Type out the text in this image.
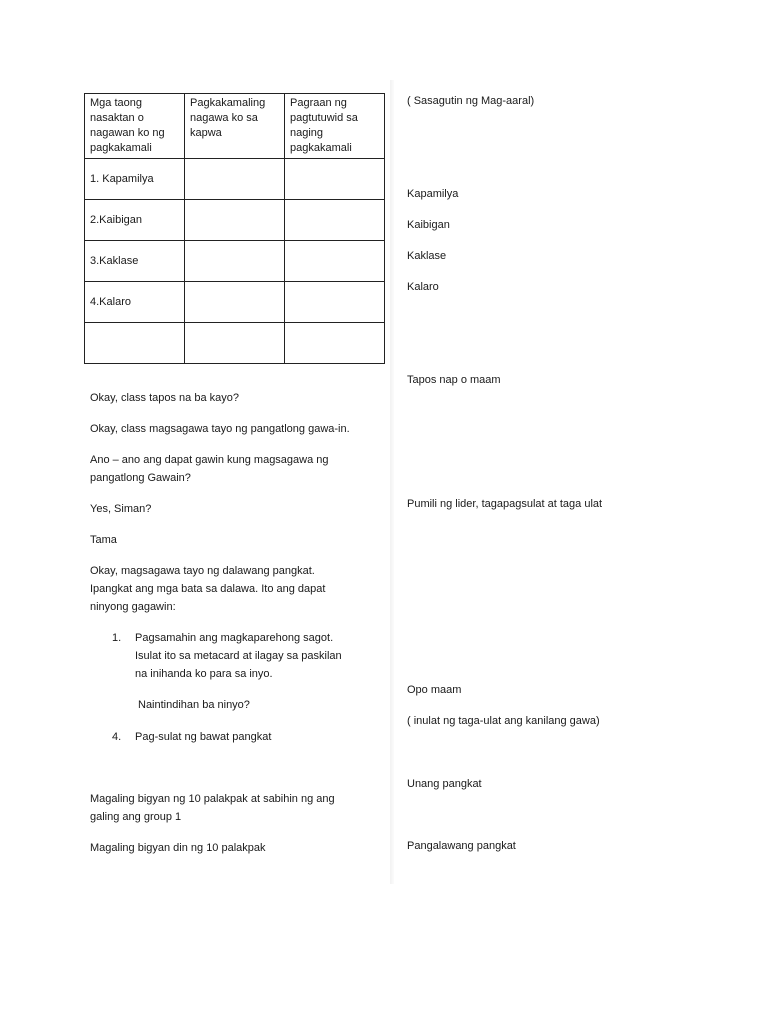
Mga taong nasaktan o nagawan ko ng pagkakamali	Pagkakamaling nagawa ko sa kapwa	Pagraan ng pagtutuwid sa naging pagkakamali
1. Kapamilya		
2.Kaibigan		
3.Kaklase		
4.Kalaro		

Okay, class tapos na ba kayo?
Okay, class magsagawa tayo ng pangatlong gawa-in.
Ano – ano ang dapat gawin kung magsagawa ng
pangatlong Gawain?
Yes, Siman?
Tama
Okay, magsagawa tayo ng dalawang pangkat.
Ipangkat ang mga bata sa dalawa. Ito ang dapat
ninyong gagawin:
1. Pagsamahin ang magkaparehong sagot.
Isulat ito sa metacard at ilagay sa paskilan
na inihanda ko para sa inyo.
Naintindihan ba ninyo?
4. Pag-sulat ng bawat pangkat
Magaling bigyan ng 10 palakpak at sabihin ng ang
galing ang group 1
Magaling bigyan din ng 10 palakpak
( Sasagutin ng Mag-aaral)
Kapamilya
Kaibigan
Kaklase
Kalaro
Tapos nap o maam
Pumili ng lider, tagapagsulat at taga ulat
Opo maam
( inulat ng taga-ulat ang kanilang gawa)
Unang pangkat
Pangalawang pangkat
